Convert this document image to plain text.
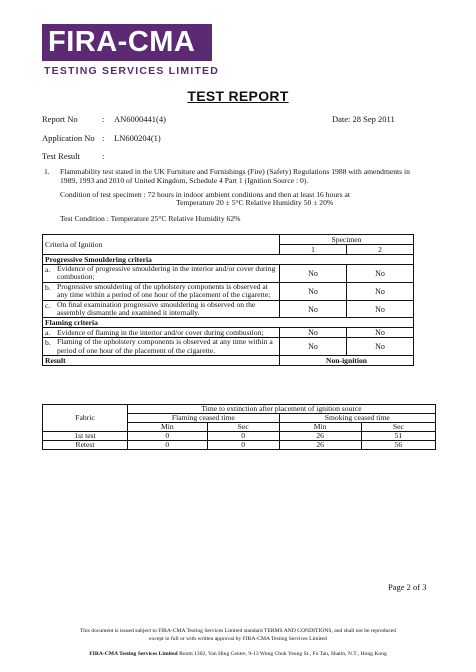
FIRA-CMA
TESTING SERVICES LIMITED
TEST REPORT
Report No	: AN6000441(4)	Date: 28 Sep 2011
Application No : LN600204(1)
Test Result	:
1. Flammability test stated in the UK Furniture and Furnishings (Fire) (Safety) Regulations 1988 with amendments in 1989, 1993 and 2010 of United Kingdom, Schedule 4 Part 1 (Ignition Source : 0).
Condition of test specimen : 72 hours in indoor ambient conditions and then at least 16 hours at
Temperature 20 ± 5°C Relative Humidity 50 ± 20%
Test Condition : Temperature 25°C Relative Humidity 62%
Criteria of Ignition		Specimen	
		1	2
Progressive Smouldering criteria			
a.	Evidence of progressive smouldering in the interior and/or cover during combustion;	No	No
b.	Progressive smouldering of the upholstery components is observed at any time within a period of one hour of the placement of the cigarette;	No	No
c.	On final examination progressive smouldering is observed on the assembly dismantle and examined it internally.	No	No
Flaming criteria			
a.	Evidence of flaming in the interior and/or cover during combustion;	No	No
b.	Flaming of the upholstery components is observed at any time within a period of one hour of the placement of the cigarette.	No	No
Result		Non-ignition	
Fabric	Time to extinction after placement of ignition source			
	Flaming ceased time		Smoking ceased time	
	Min	Sec	Min	Sec
1st test	0	0	26	51
Retest	0	0	26	56
Page 2 of 3
This document is issued subject to FIRA-CMA Testing Services Limited standard TERMS AND CONDITIONS, and shall not be reproduced
except in full or with written approval by FIRA-CMA Testing Services Limited
FIRA-CMA Testing Services Limited Room 1302, Yan Hing Centre, 9-13 Wong Chuk Yeung St., Fo Tan, Shatin, N.T., Hong Kong
